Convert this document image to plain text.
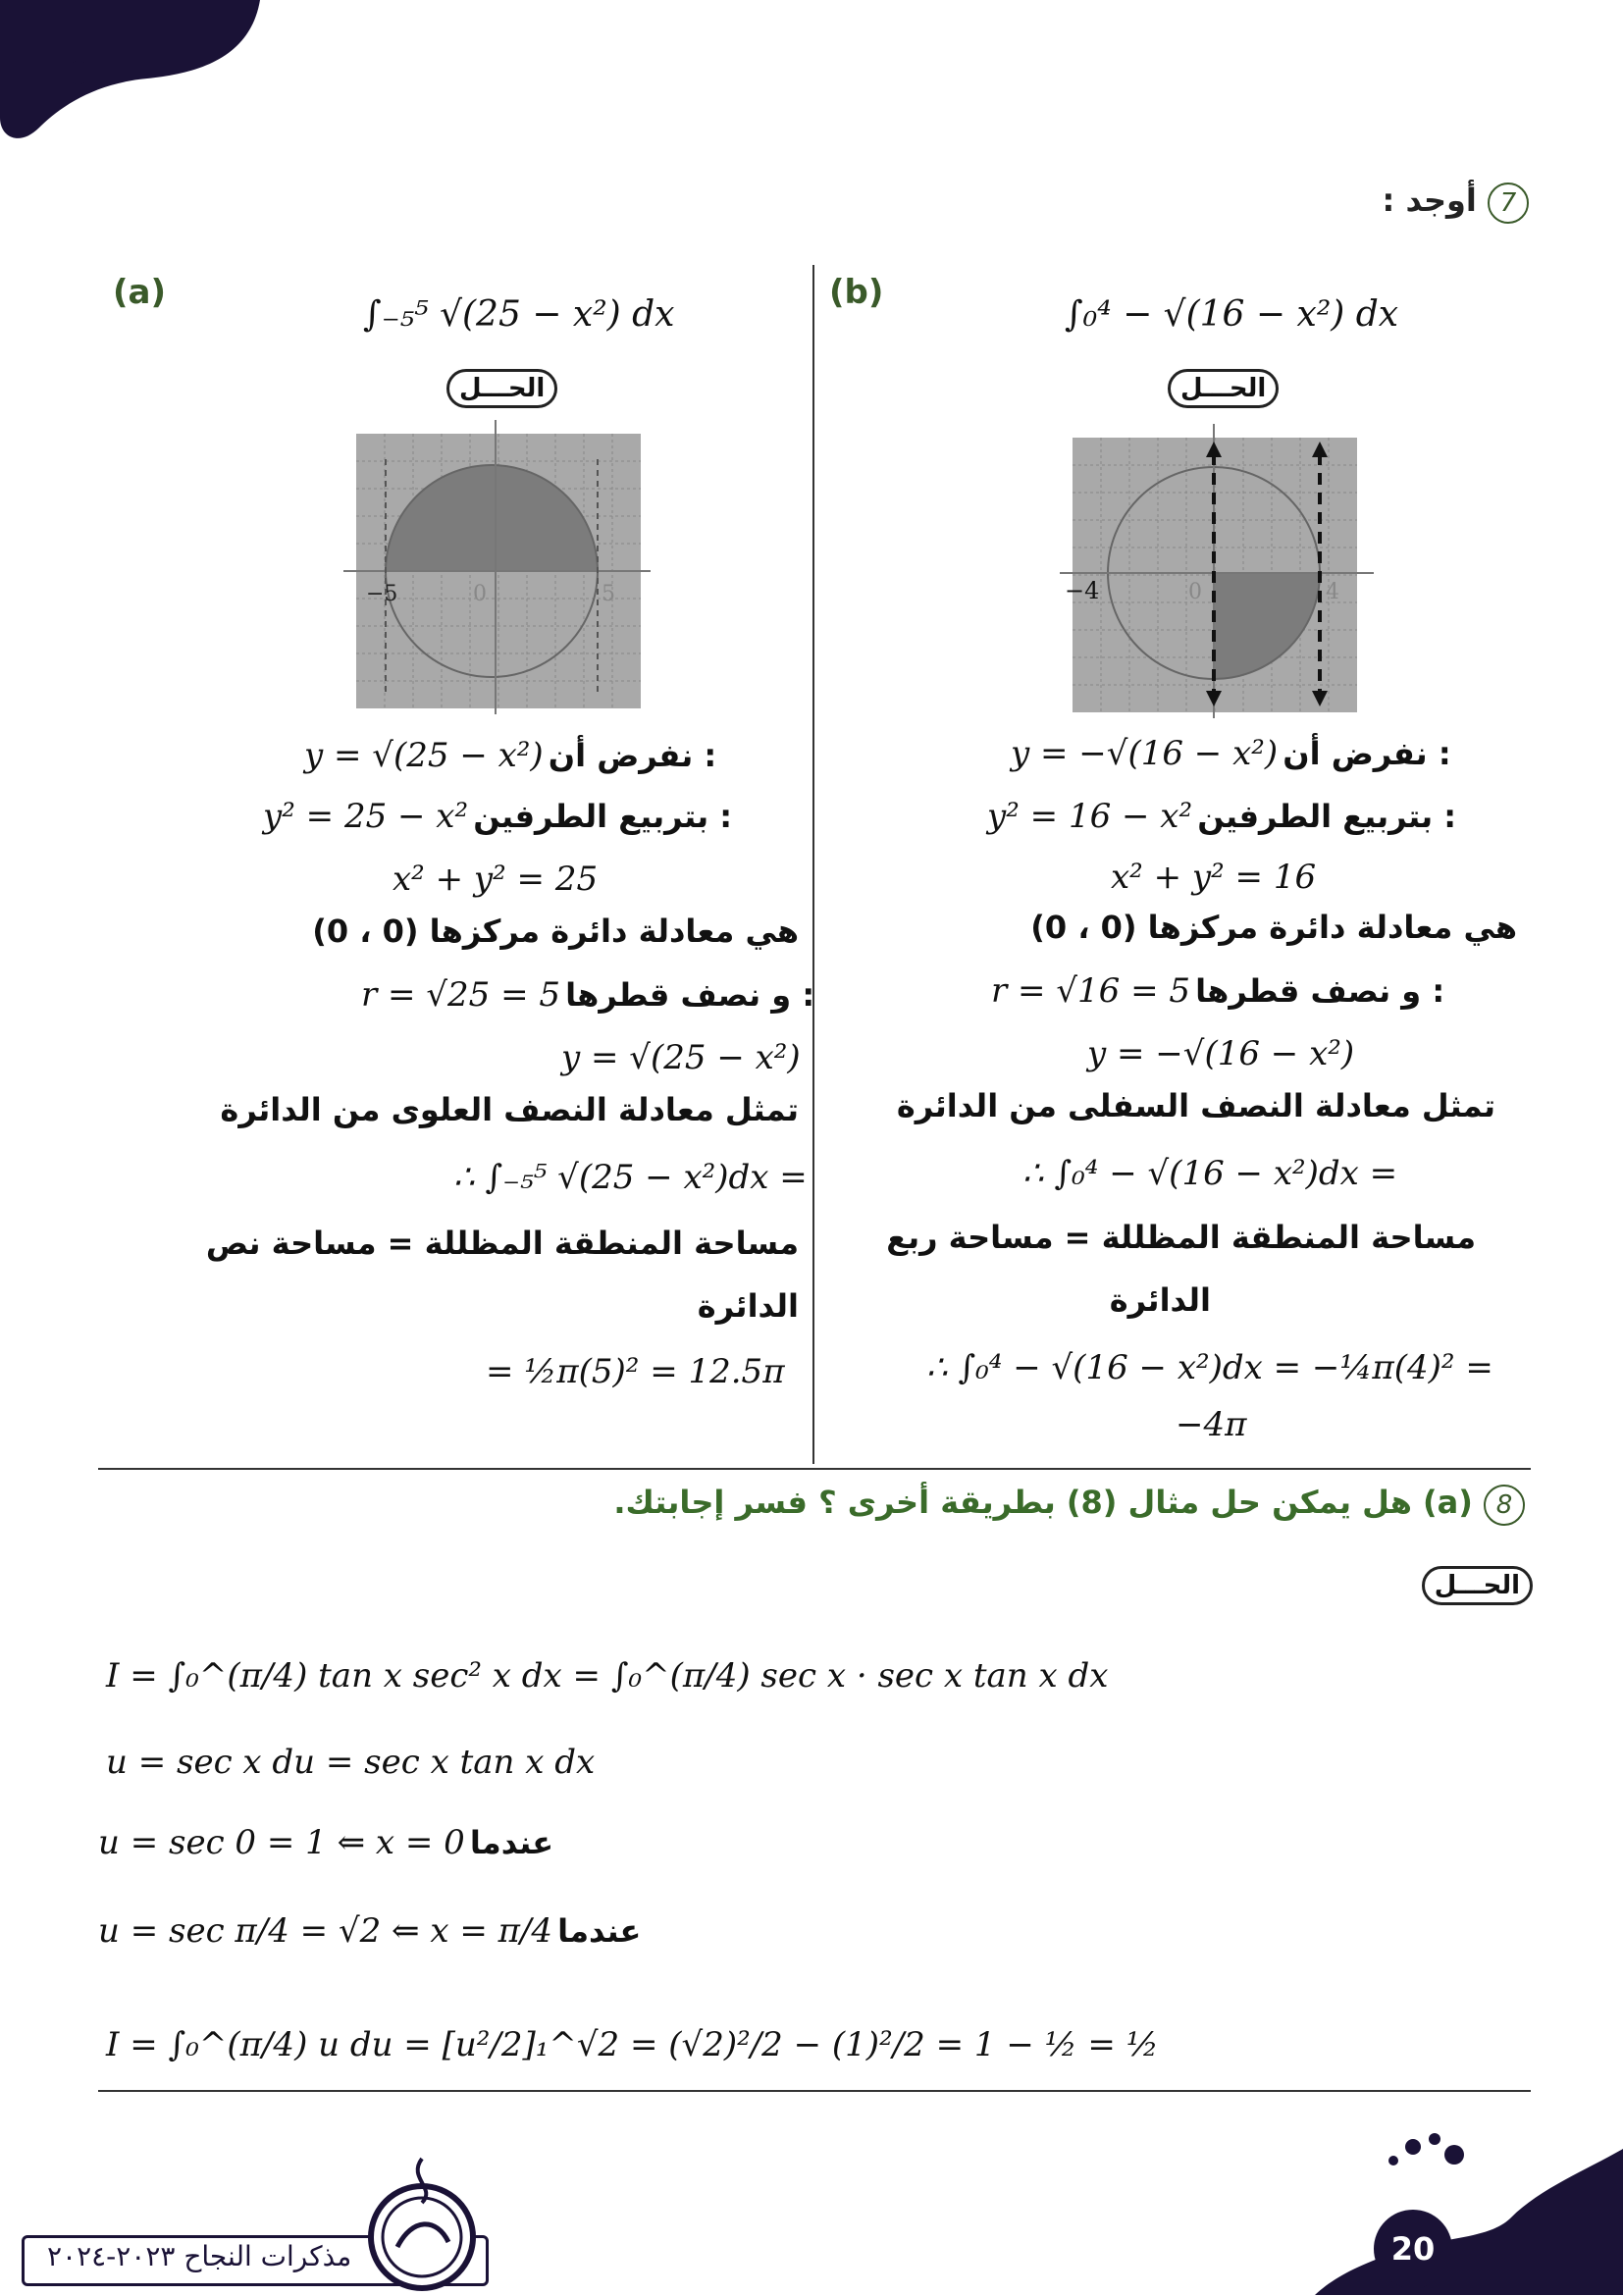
7 أوجد :
(a)
∫₋₅⁵ √(25 − x²) dx
الحـــل
−5	0	5
y = √(25 − x²) نفرض أن :
y² = 25 − x² بتربيع الطرفين :
x² + y² = 25
هي معادلة دائرة مركزها (0 ، 0)
r = √25 = 5 و نصف قطرها :
y = √(25 − x²)
تمثل معادلة النصف العلوى من الدائرة
∴ ∫₋₅⁵ √(25 − x²)dx =
مساحة المنطقة المظللة = مساحة نص
الدائرة
= ½π(5)² = 12.5π
(b)
∫₀⁴ − √(16 − x²) dx
الحـــل
−4	0	4
y = −√(16 − x²) نفرض أن :
y² = 16 − x² بتربيع الطرفين :
x² + y² = 16
هي معادلة دائرة مركزها (0 ، 0)
r = √16 = 5 و نصف قطرها :
y = −√(16 − x²)
تمثل معادلة النصف السفلى من الدائرة
∴ ∫₀⁴ − √(16 − x²)dx =
مساحة المنطقة المظللة = مساحة ربع
الدائرة
∴ ∫₀⁴ − √(16 − x²)dx = −¼π(4)² =
−4π
8 (a) هل يمكن حل مثال (8) بطريقة أخرى ؟ فسر إجابتك.
الحـــل
I = ∫₀^(π/4) tan x sec² x dx = ∫₀^(π/4) sec x · sec x tan x dx
u = sec x du = sec x tan x dx
u = sec 0 = 1 ⇐ x = 0 عندما
u = sec π/4 = √2 ⇐ x = π/4 عندما
I = ∫₀^(π/4) u du = [u²/2]₁^√2 = (√2)²/2 − (1)²/2 = 1 − ½ = ½
مذكرات النجاح ٢٠٢٣-٢٠٢٤	20
